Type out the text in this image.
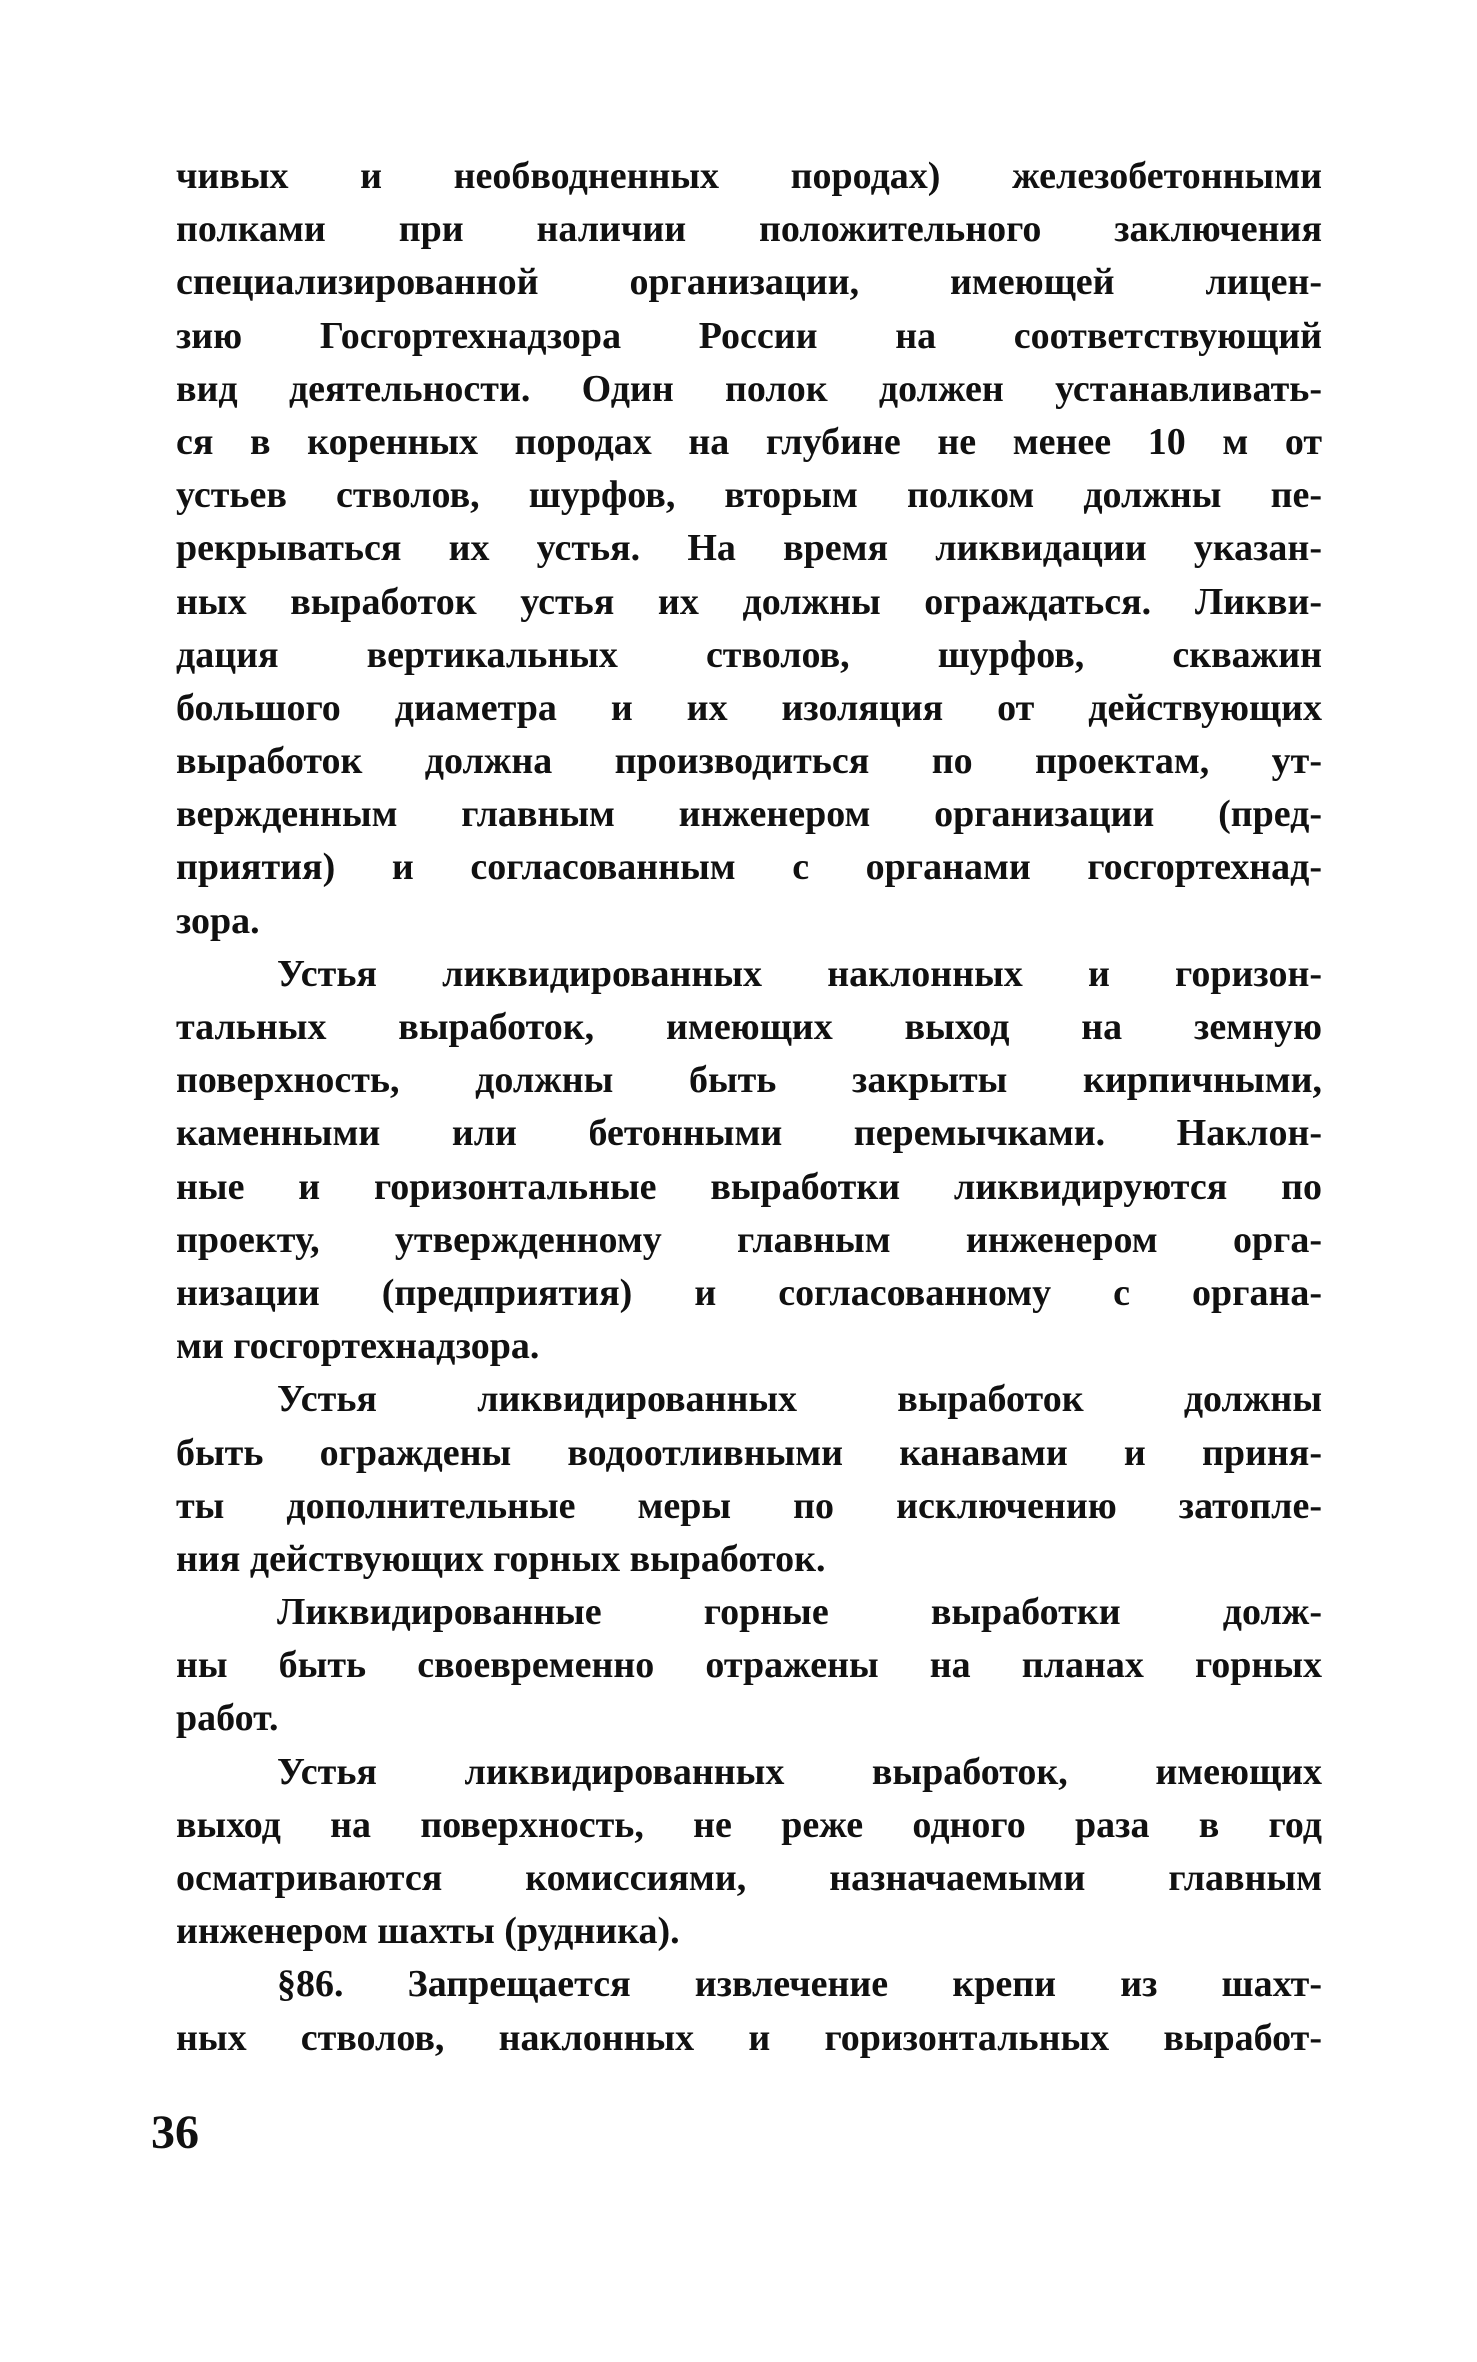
чивых и необводненных породах) железобетонными
полками при наличии положительного заключения
специализированной организации, имеющей лицен-
зию Госгортехнадзора России на соответствующий
вид деятельности. Один полок должен устанавливать-
ся в коренных породах на глубине не менее 10 м от
устьев стволов, шурфов, вторым полком должны пе-
рекрываться их устья. На время ликвидации указан-
ных выработок устья их должны ограждаться. Ликви-
дация вертикальных стволов, шурфов, скважин
большого диаметра и их изоляция от действующих
выработок должна производиться по проектам, ут-
вержденным главным инженером организации (пред-
приятия) и согласованным с органами госгортехнад-
зора.
Устья ликвидированных наклонных и горизон-
тальных выработок, имеющих выход на земную
поверхность, должны быть закрыты кирпичными,
каменными или бетонными перемычками. Наклон-
ные и горизонтальные выработки ликвидируются по
проекту, утвержденному главным инженером орга-
низации (предприятия) и согласованному с органа-
ми госгортехнадзора.
Устья ликвидированных выработок должны
быть ограждены водоотливными канавами и приня-
ты дополнительные меры по исключению затопле-
ния действующих горных выработок.
Ликвидированные горные выработки долж-
ны быть своевременно отражены на планах горных
работ.
Устья ликвидированных выработок, имеющих
выход на поверхность, не реже одного раза в год
осматриваются комиссиями, назначаемыми главным
инженером шахты (рудника).
§86. Запрещается извлечение крепи из шахт-
ных стволов, наклонных и горизонтальных выработ-
36
